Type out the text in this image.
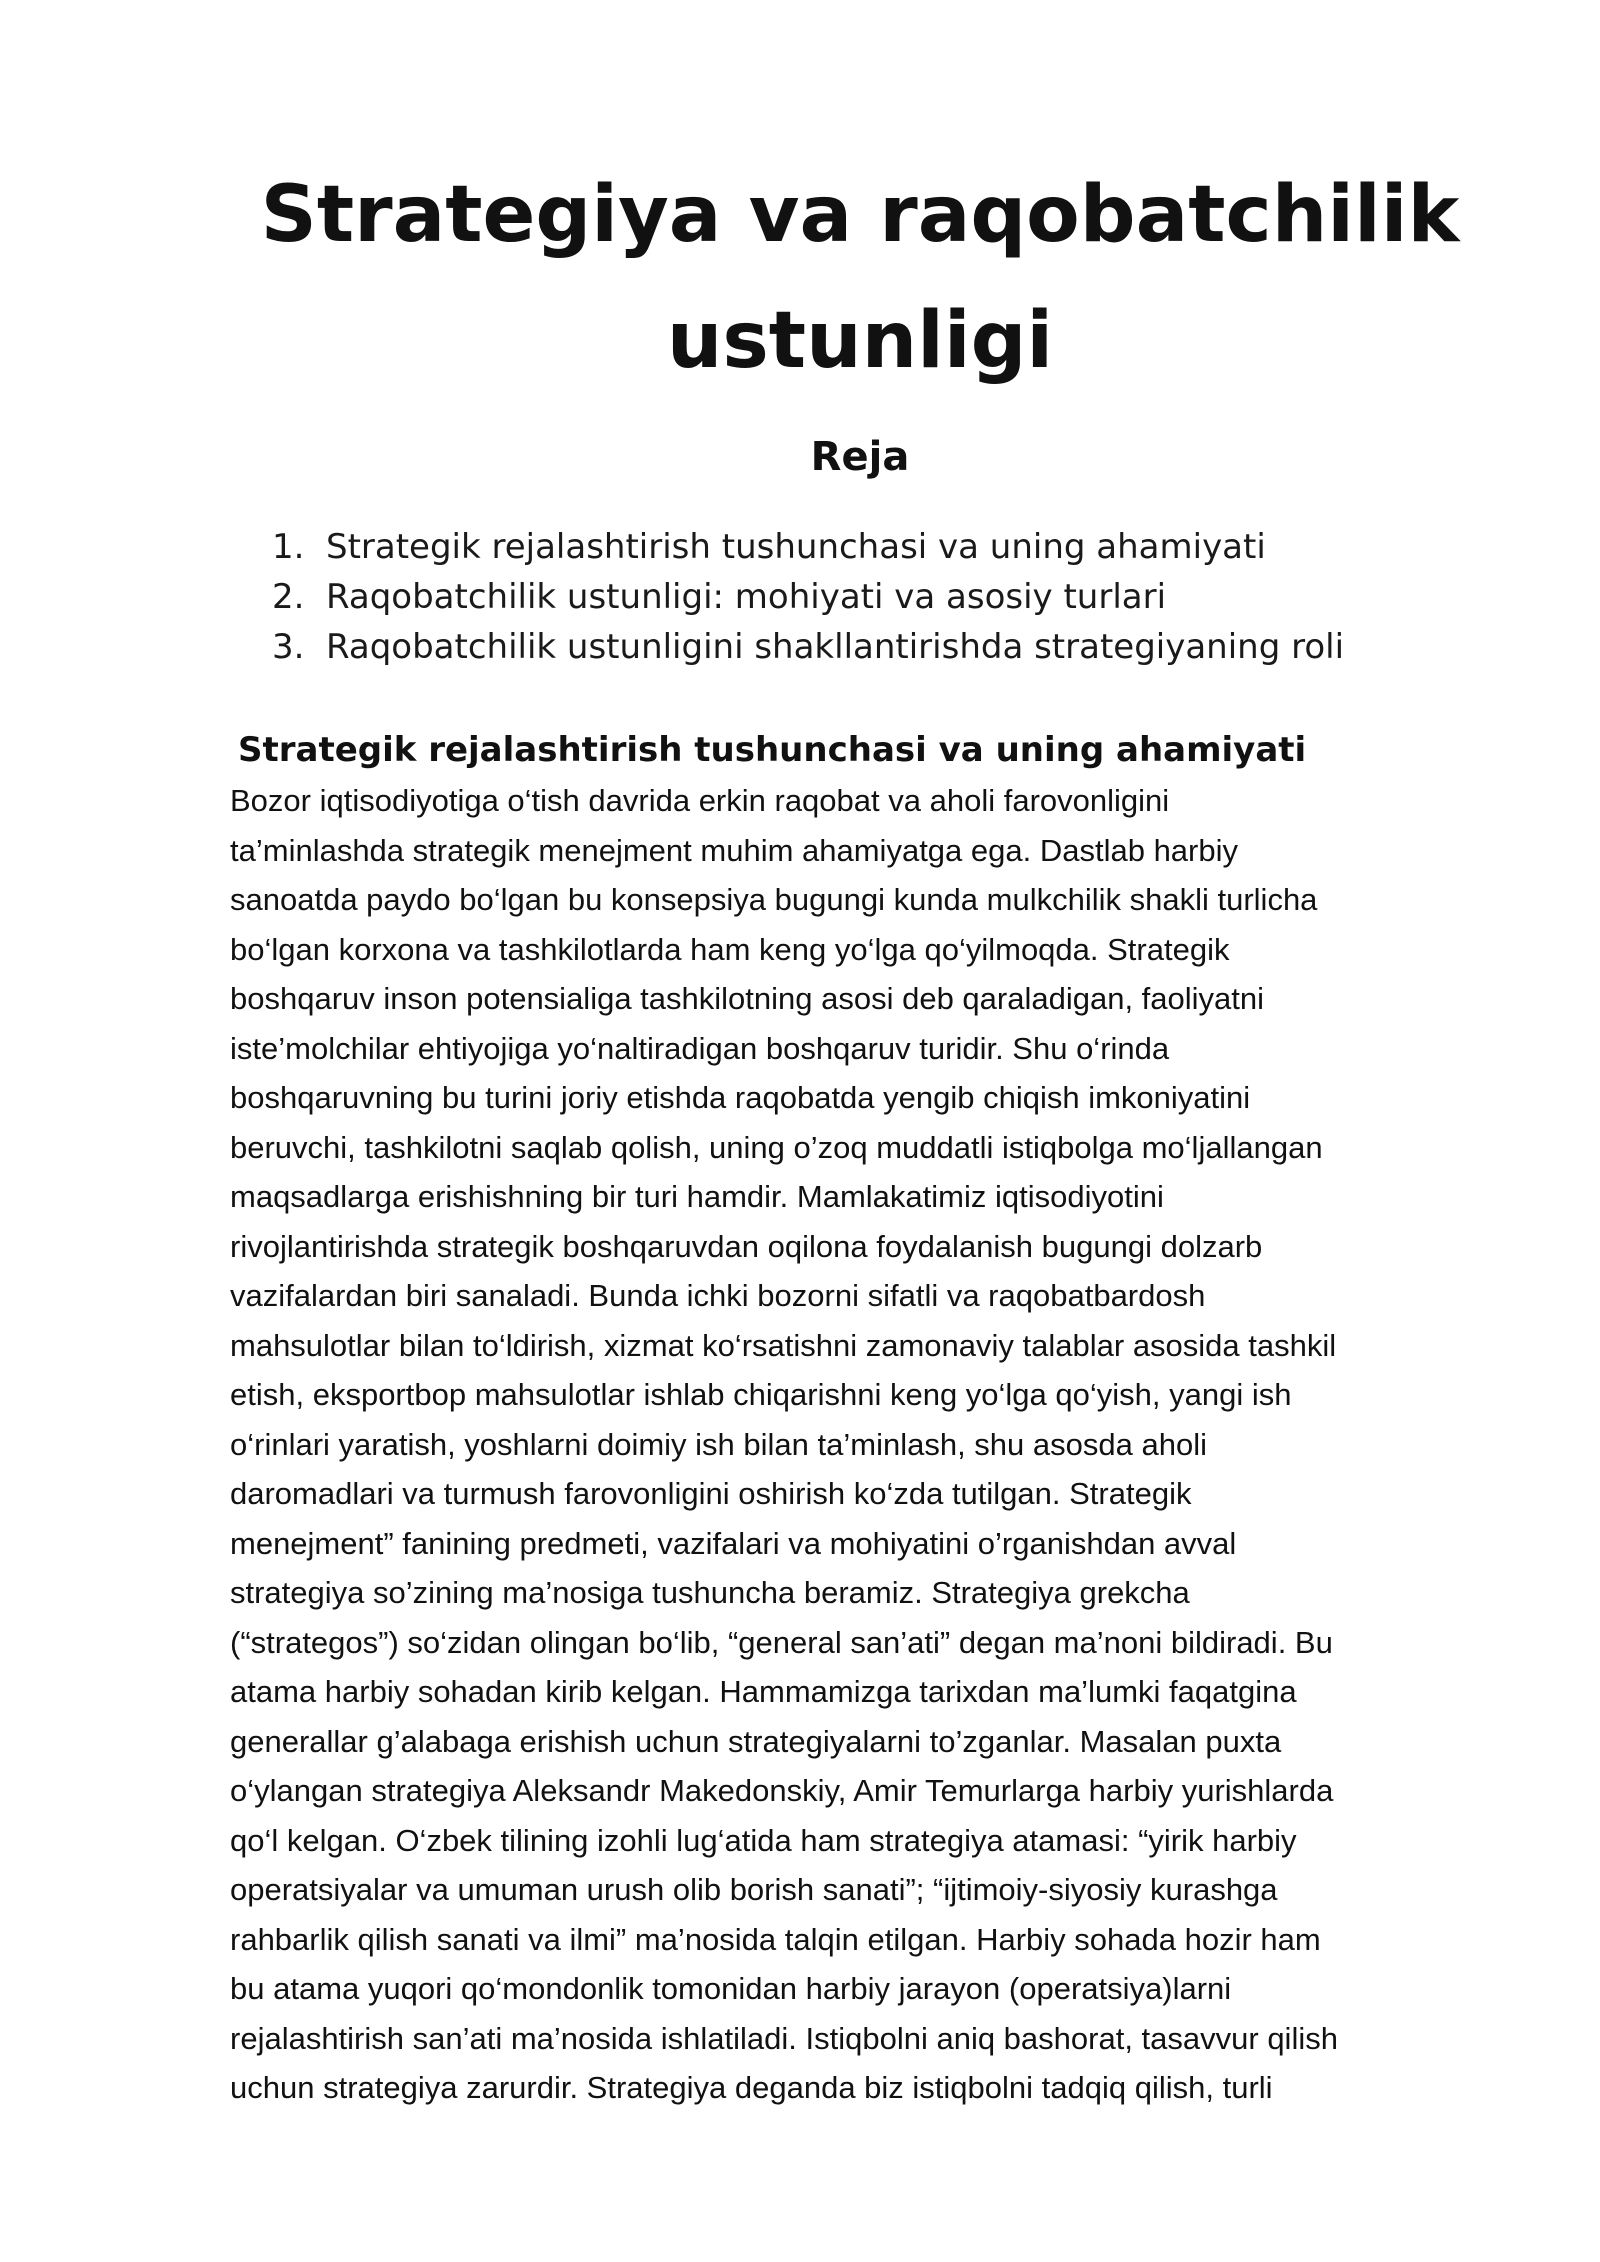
Strategiya va raqobatchilik
ustunligi
Reja
1. Strategik rejalashtirish tushunchasi va uning ahamiyati
2. Raqobatchilik ustunligi: mohiyati va asosiy turlari
3. Raqobatchilik ustunligini shakllantirishda strategiyaning roli
Strategik rejalashtirish tushunchasi va uning ahamiyati

Bozor iqtisodiyotiga o‘tish davrida erkin raqobat va aholi farovonligini
ta’minlashda strategik menejment muhim ahamiyatga ega. Dastlab harbiy
sanoatda paydo bo‘lgan bu konsepsiya bugungi kunda mulkchilik shakli turlicha
bo‘lgan korxona va tashkilotlarda ham keng yo‘lga qo‘yilmoqda. Strategik
boshqaruv inson potensialiga tashkilotning asosi deb qaraladigan, faoliyatni
iste’molchilar ehtiyojiga yo‘naltiradigan boshqaruv turidir. Shu o‘rinda
boshqaruvning bu turini joriy etishda raqobatda yengib chiqish imkoniyatini
beruvchi, tashkilotni saqlab qolish, uning o’zoq muddatli istiqbolga mo‘ljallangan
maqsadlarga erishishning bir turi hamdir. Mamlakatimiz iqtisodiyotini
rivojlantirishda strategik boshqaruvdan oqilona foydalanish bugungi dolzarb
vazifalardan biri sanaladi. Bunda ichki bozorni sifatli va raqobatbardosh
mahsulotlar bilan to‘ldirish, xizmat ko‘rsatishni zamonaviy talablar asosida tashkil
etish, eksportbop mahsulotlar ishlab chiqarishni keng yo‘lga qo‘yish, yangi ish
o‘rinlari yaratish, yoshlarni doimiy ish bilan ta’minlash, shu asosda aholi
daromadlari va turmush farovonligini oshirish ko‘zda tutilgan. Strategik
menejment” fanining predmeti, vazifalari va mohiyatini o’rganishdan avval
strategiya so’zining ma’nosiga tushuncha beramiz. Strategiya grekcha
(“strategos”) so‘zidan olingan bo‘lib, “general san’ati” degan ma’noni bildiradi. Bu
atama harbiy sohadan kirib kelgan. Hammamizga tarixdan ma’lumki faqatgina
generallar g’alabaga erishish uchun strategiyalarni to’zganlar. Masalan puxta
o‘ylangan strategiya Aleksandr Makedonskiy, Amir Temurlarga harbiy yurishlarda
qo‘l kelgan. O‘zbek tilining izohli lug‘atida ham strategiya atamasi: “yirik harbiy
operatsiyalar va umuman urush olib borish sanati”; “ijtimoiy-siyosiy kurashga
rahbarlik qilish sanati va ilmi” ma’nosida talqin etilgan. Harbiy sohada hozir ham
bu atama yuqori qo‘mondonlik tomonidan harbiy jarayon (operatsiya)larni
rejalashtirish san’ati ma’nosida ishlatiladi. Istiqbolni aniq bashorat, tasavvur qilish
uchun strategiya zarurdir. Strategiya deganda biz istiqbolni tadqiq qilish, turli
